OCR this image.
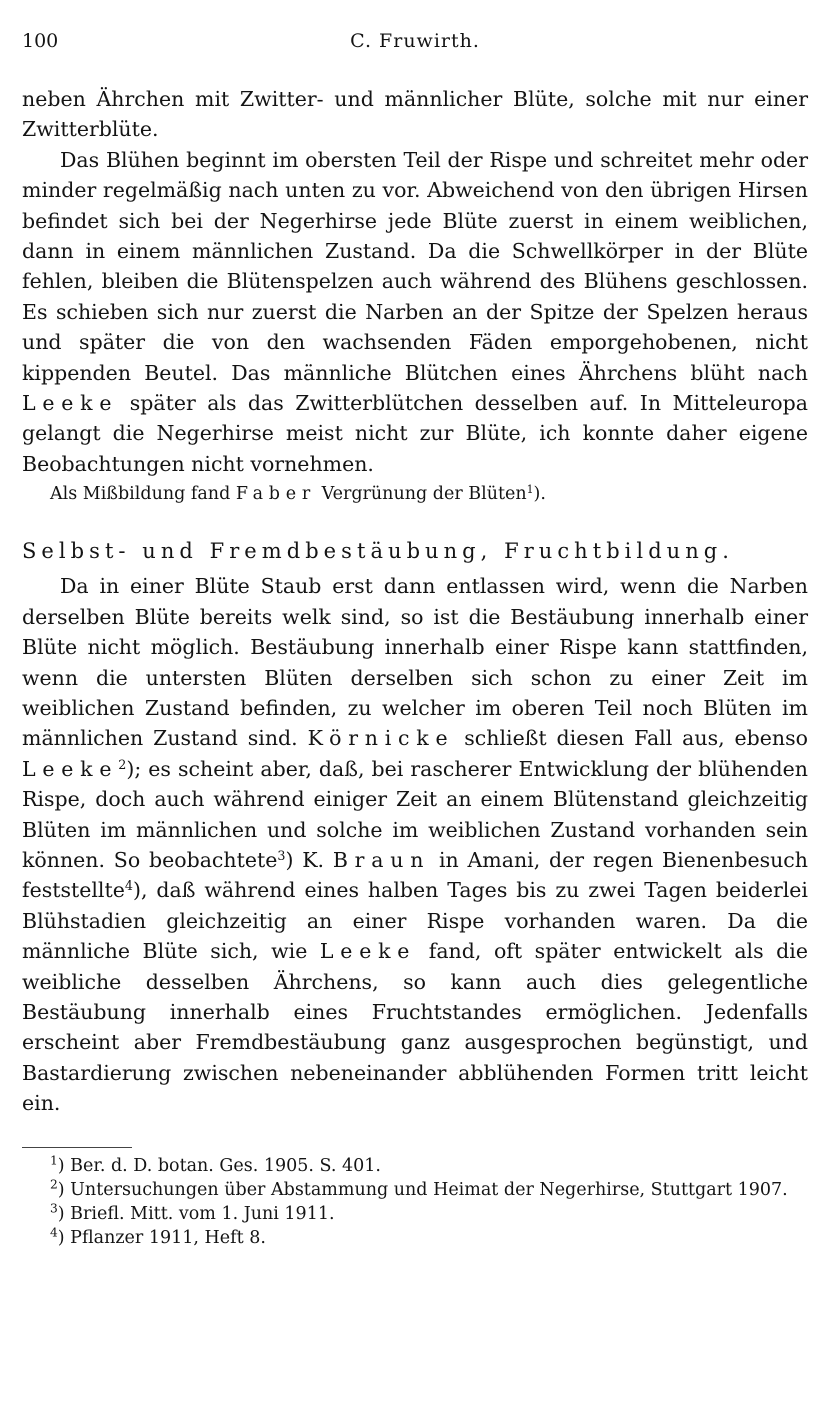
100	C. Fruwirth.

neben Ährchen mit Zwitter- und männlicher Blüte, solche mit nur einer Zwitterblüte.

Das Blühen beginnt im obersten Teil der Rispe und schreitet mehr oder minder regelmäßig nach unten zu vor. Abweichend von den übrigen Hirsen befindet sich bei der Negerhirse jede Blüte zuerst in einem weiblichen, dann in einem männlichen Zustand. Da die Schwellkörper in der Blüte fehlen, bleiben die Blütenspelzen auch während des Blühens geschlossen. Es schieben sich nur zuerst die Narben an der Spitze der Spelzen heraus und später die von den wachsenden Fäden emporgehobenen, nicht kippenden Beutel. Das männliche Blütchen eines Ährchens blüht nach Leeke später als das Zwitterblütchen desselben auf. In Mitteleuropa gelangt die Negerhirse meist nicht zur Blüte, ich konnte daher eigene Beobachtungen nicht vornehmen.

Als Mißbildung fand Faber Vergrünung der Blüten$^1$).

Selbst- und Fremdbestäubung, Fruchtbildung.

Da in einer Blüte Staub erst dann entlassen wird, wenn die Narben derselben Blüte bereits welk sind, so ist die Bestäubung innerhalb einer Blüte nicht möglich. Bestäubung innerhalb einer Rispe kann stattfinden, wenn die untersten Blüten derselben sich schon zu einer Zeit im weiblichen Zustand befinden, zu welcher im oberen Teil noch Blüten im männlichen Zustand sind. Körnicke schließt diesen Fall aus, ebenso Leeke$^2$); es scheint aber, daß, bei rascherer Entwicklung der blühenden Rispe, doch auch während einiger Zeit an einem Blütenstand gleichzeitig Blüten im männlichen und solche im weiblichen Zustand vorhanden sein können. So beobachtete$^3$) K. Braun in Amani, der regen Bienenbesuch feststellte$^4$), daß während eines halben Tages bis zu zwei Tagen beiderlei Blühstadien gleichzeitig an einer Rispe vorhanden waren. Da die männliche Blüte sich, wie Leeke fand, oft später entwickelt als die weibliche desselben Ährchens, so kann auch dies gelegentliche Bestäubung innerhalb eines Fruchtstandes ermöglichen. Jedenfalls erscheint aber Fremdbestäubung ganz ausgesprochen begünstigt, und Bastardierung zwischen nebeneinander abblühenden Formen tritt leicht ein.

$^1$) Ber. d. D. botan. Ges. 1905. S. 401.

$^2$) Untersuchungen über Abstammung und Heimat der Negerhirse, Stuttgart 1907.

$^3$) Briefl. Mitt. vom 1. Juni 1911.

$^4$) Pflanzer 1911, Heft 8.
